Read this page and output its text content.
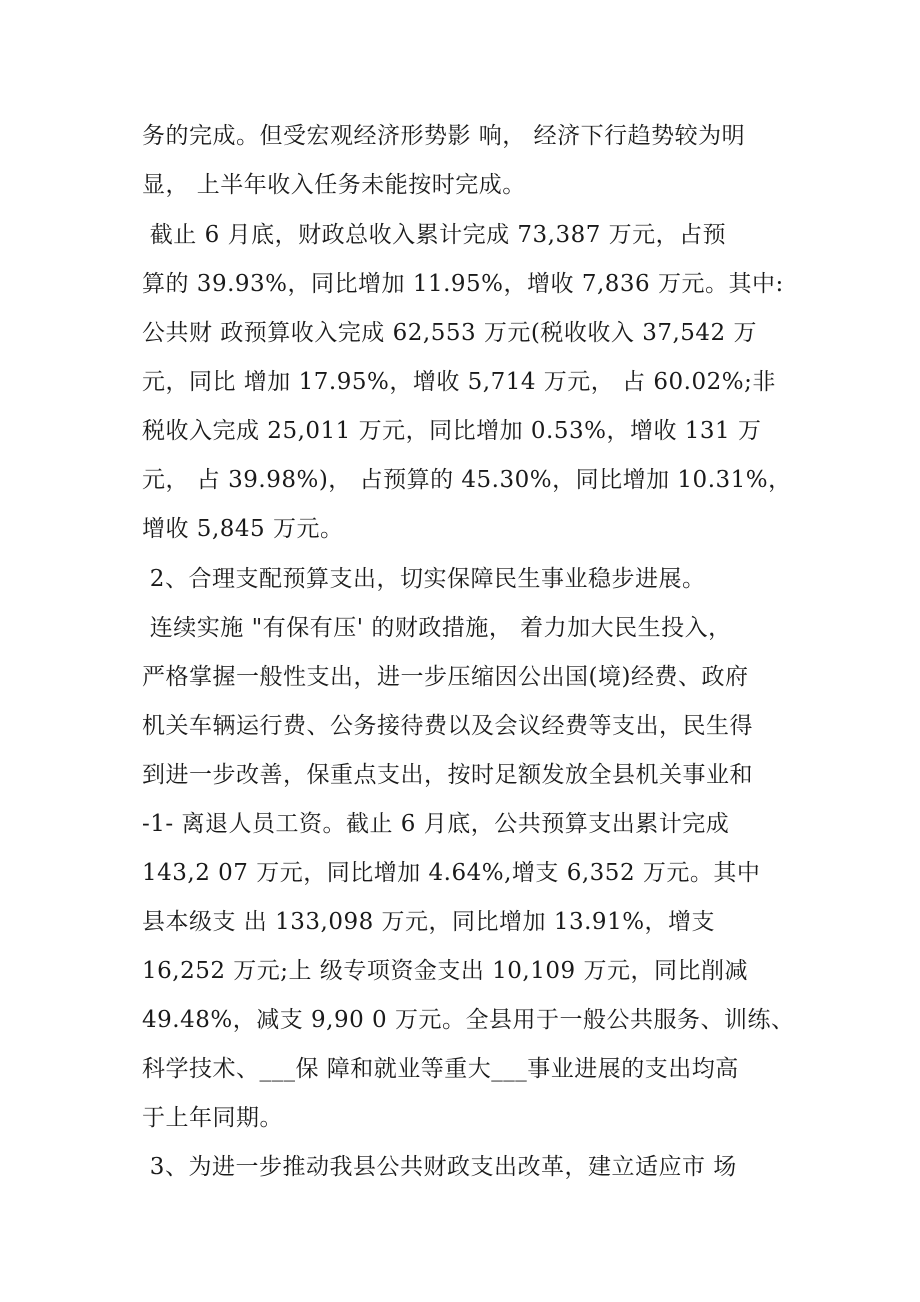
务的完成。但受宏观经济形势影 响， 经济下行趋势较为明
显， 上半年收入任务未能按时完成。
截止 6 月底，财政总收入累计完成 73,387 万元，占预
算的 39.93%，同比增加 11.95%，增收 7,836 万元。其中:
公共财 政预算收入完成 62,553 万元(税收收入 37,542 万
元，同比 增加 17.95%，增收 5,714 万元， 占 60.02%;非
税收入完成 25,011 万元，同比增加 0.53%，增收 131 万
元， 占 39.98%)， 占预算的 45.30%，同比增加 10.31%，
增收 5,845 万元。
2、合理支配预算支出，切实保障民生事业稳步进展。
连续实施 "有保有压' 的财政措施， 着力加大民生投入，
严格掌握一般性支出，进一步压缩因公出国(境)经费、政府
机关车辆运行费、公务接待费以及会议经费等支出，民生得
到进一步改善，保重点支出，按时足额发放全县机关事业和
-1- 离退人员工资。截止 6 月底，公共预算支出累计完成
143,2 07 万元，同比增加 4.64%,增支 6,352 万元。其中
县本级支 出 133,098 万元，同比增加 13.91%，增支
16,252 万元;上 级专项资金支出 10,109 万元，同比削减
49.48%，减支 9,90 0 万元。全县用于一般公共服务、训练、
科学技术、___保 障和就业等重大___事业进展的支出均高
于上年同期。
3、为进一步推动我县公共财政支出改革，建立适应市 场
